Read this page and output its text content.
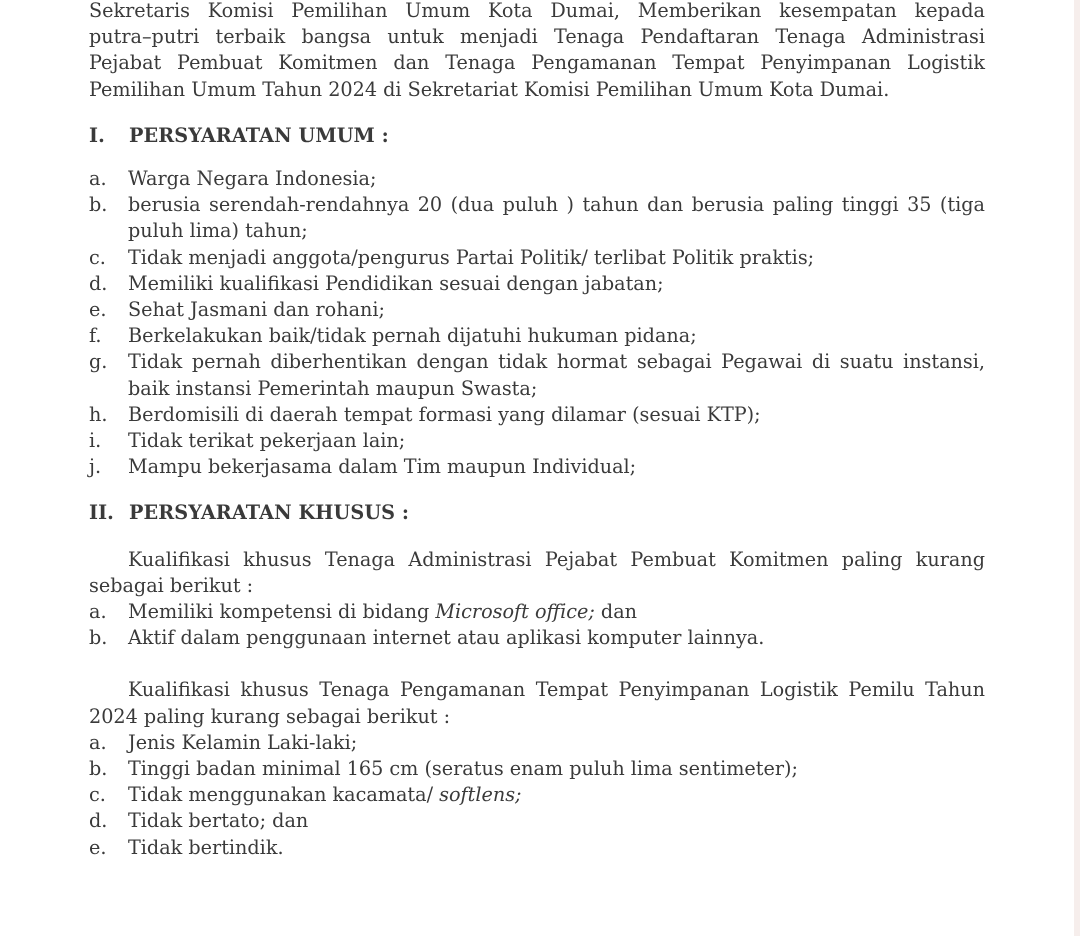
Sekretaris Komisi Pemilihan Umum Kota Dumai, Memberikan kesempatan kepada
putra–putri terbaik bangsa untuk menjadi Tenaga Pendaftaran Tenaga Administrasi
Pejabat Pembuat Komitmen dan Tenaga Pengamanan Tempat Penyimpanan Logistik
Pemilihan Umum Tahun 2024 di Sekretariat Komisi Pemilihan Umum Kota Dumai.
I. PERSYARATAN UMUM :
a. Warga Negara Indonesia;
b. berusia serendah-rendahnya 20 (dua puluh ) tahun dan berusia paling tinggi 35 (tiga puluh lima) tahun;
c. Tidak menjadi anggota/pengurus Partai Politik/ terlibat Politik praktis;
d. Memiliki kualifikasi Pendidikan sesuai dengan jabatan;
e. Sehat Jasmani dan rohani;
f. Berkelakukan baik/tidak pernah dijatuhi hukuman pidana;
g. Tidak pernah diberhentikan dengan tidak hormat sebagai Pegawai di suatu instansi, baik instansi Pemerintah maupun Swasta;
h. Berdomisili di daerah tempat formasi yang dilamar (sesuai KTP);
i. Tidak terikat pekerjaan lain;
j. Mampu bekerjasama dalam Tim maupun Individual;
II. PERSYARATAN KHUSUS :

Kualifikasi khusus Tenaga Administrasi Pejabat Pembuat Komitmen paling kurang sebagai berikut :

a. Memiliki kompetensi di bidang Microsoft office; dan
b. Aktif dalam penggunaan internet atau aplikasi komputer lainnya.

Kualifikasi khusus Tenaga Pengamanan Tempat Penyimpanan Logistik Pemilu Tahun 2024 paling kurang sebagai berikut :

a. Jenis Kelamin Laki-laki;
b. Tinggi badan minimal 165 cm (seratus enam puluh lima sentimeter);
c. Tidak menggunakan kacamata/ softlens;
d. Tidak bertato; dan
e. Tidak bertindik.
